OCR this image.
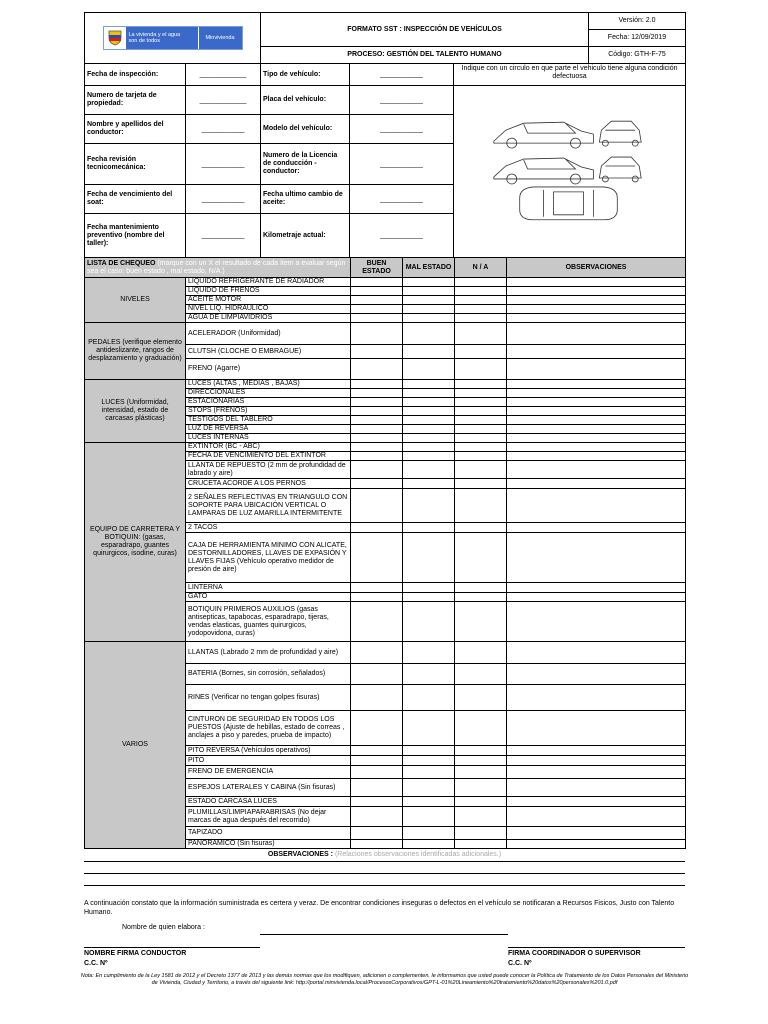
La vivienda y el agua
son de todos Minvivienda	FORMATO SST : INSPECCIÓN DE VEHÍCULOS	Versión: 2.0
		Fecha: 12/09/2019
	PROCESO: GESTIÓN DEL TALENTO HUMANO	Código: GTH-F-75
Fecha de inspección:	____________	Tipo de vehículo:	___________	Indique con un circulo en que parte el vehiculo tiene alguna condición defectuosa
Numero de tarjeta de propiedad:	____________	Placa del vehículo:	___________	
Nombre y apellidos del conductor:	___________	Modelo del vehículo:	___________	
Fecha revisión tecnicomecánica:	___________	Numero de la Licencia de conducción - conductor:	___________	
Fecha de vencimiento del soat:	___________	Fecha ultimo cambio de aceite:	___________	
Fecha mantenimiento preventivo (nombre del taller):	___________	Kilometraje actual:	___________	
LISTA DE CHEQUEO (marque con un X el resultado de cada ítem a evaluar según sea el caso: buen estado , mal estado, N/A.)		BUEN ESTADO	MAL ESTADO	N / A	OBSERVACIONES
NIVELES	LIQUIDO REFRIGERANTE DE RADIADOR				
	LIQUIDO DE FRENOS				
	ACEITE MOTOR				
	NIVEL LIQ. HIDRAULICO				
	AGUA DE LIMPIAVIDRIOS				
PEDALES (verifique elemento antideslizante, rangos de desplazamiento y graduación)	ACELERADOR (Uniformidad)				
	CLUTSH (CLOCHE O EMBRAGUE)				
	FRENO (Agarre)				
LUCES (Uniformidad, intensidad, estado de carcasas plásticas)	LUCES (ALTAS , MEDIAS , BAJAS)				
	DIRECCIONALES				
	ESTACIONARIAS				
	STOPS (FRENOS)				
	TESTIGOS DEL TABLERO				
	LUZ DE REVERSA				
	LUCES INTERNAS				
EQUIPO DE CARRETERA Y BOTIQUIN: (gasas, esparadrapo, guantes quirurgicos, isodine, curas)	EXTINTOR (BC - ABC)				
	FECHA DE VENCIMIENTO DEL EXTINTOR				
	LLANTA DE REPUESTO (2 mm de profundidad de labrado y aire)				
	CRUCETA ACORDE A LOS PERNOS				
	2 SEÑALES REFLECTIVAS EN TRIANGULO CON SOPORTE PARA UBICACIÓN VERTICAL O LAMPARAS DE LUZ AMARILLA INTERMITENTE				
	2 TACOS				
	CAJA DE HERRAMIENTA MINIMO CON ALICATE, DESTORNILLADORES, LLAVES DE EXPASIÓN Y LLAVES FIJAS (Vehículo operativo medidor de presión de aire)				
	LINTERNA				
	GATO				
	BOTIQUIN PRIMEROS AUXILIOS (gasas antisepticas, tapabocas, esparadrapo, tijeras, vendas elasticas, guantes quirurgicos, yodopovidona, curas)				
VARIOS	LLANTAS (Labrado 2 mm de profundidad y aire)				
	BATERIA (Bornes, sin corrosión, señalados)				
	RINES (Verificar no tengan golpes fisuras)				
	CINTURON DE SEGURIDAD EN TODOS LOS PUESTOS (Ajuste de hebillas, estado de correas , anclajes a piso y paredes, prueba de impacto)				
	PITO REVERSA (Vehículos operativos)				
	PITO				
	FRENO DE EMERGENCIA				
	ESPEJOS LATERALES Y CABINA (Sin fisuras)				
	ESTADO CARCASA LUCES				
	PLUMILLAS/LIMPIAPARABRISAS (No dejar marcas de agua después del recorrido)				
	TAPIZADO				
	PANORAMICO (Sin fisuras)				
OBSERVACIONES : (Relaciones observaciones identificadas adicionales.)
A continuación constato que la información suministrada es certera y veraz. De encontrar condiciones inseguras o defectos en el vehículo se notificaran a Recursos Fisicos, Justo con Talento Humano.
Nombre de quien elabora :
NOMBRE FIRMA CONDUCTOR
C.C. Nº
FIRMA COORDINADOR O SUPERVISOR
C.C. Nº
Nota: En cumplimiento de la Ley 1581 de 2012 y el Decreto 1377 de 2013 y las demás normas que los modifiquen, adicionen o complementen, le informamos que usted puede conocer la Política de Tratamiento de los Datos Personales del Ministerio de Vivienda, Ciudad y Territorio, a través del siguiente link: http://portal.minvivienda.local/ProcesosCorporativos/GPT-L-01%20Lineamiento%20tratamiento%20datos%20personales%201.0.pdf
